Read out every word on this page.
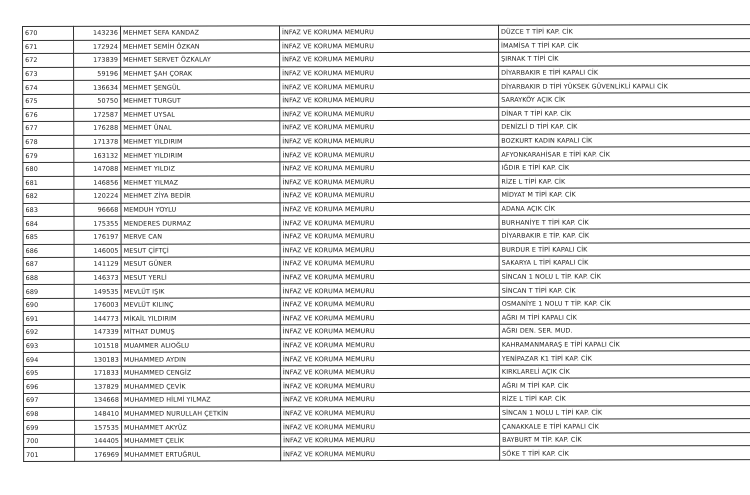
670	143236	MEHMET SEFA KANDAZ	İNFAZ VE KORUMA MEMURU	DÜZCE T TİPİ KAP. CİK
671	172924	MEHMET SEMİH ÖZKAN	İNFAZ VE KORUMA MEMURU	İMAMİSA T TİPİ KAP. CİK
672	173839	MEHMET SERVET ÖZKALAY	İNFAZ VE KORUMA MEMURU	ŞIRNAK T TİPİ CİK
673	59196	MEHMET ŞAH ÇORAK	İNFAZ VE KORUMA MEMURU	DİYARBAKIR E TİPİ KAPALI CİK
674	136634	MEHMET ŞENGÜL	İNFAZ VE KORUMA MEMURU	DİYARBAKIR D TİPİ YÜKSEK GÜVENLİKLİ KAPALI CİK
675	50750	MEHMET TURGUT	İNFAZ VE KORUMA MEMURU	SARAYKÖY AÇIK CİK
676	172587	MEHMET UYSAL	İNFAZ VE KORUMA MEMURU	DİNAR T TİPİ KAP. CİK
677	176288	MEHMET ÜNAL	İNFAZ VE KORUMA MEMURU	DENİZLİ D TİPİ KAP. CİK
678	171378	MEHMET YILDIRIM	İNFAZ VE KORUMA MEMURU	BOZKURT KADIN KAPALI CİK
679	163132	MEHMET YILDIRIM	İNFAZ VE KORUMA MEMURU	AFYONKARAHİSAR E TİPİ KAP. CİK
680	147088	MEHMET YILDIZ	İNFAZ VE KORUMA MEMURU	IĞDIR E TİPİ KAP. CİK
681	146856	MEHMET YILMAZ	İNFAZ VE KORUMA MEMURU	RİZE L TİPİ KAP. CİK
682	120224	MEHMET ZİYA BEDİR	İNFAZ VE KORUMA MEMURU	MİDYAT M TİPİ KAP. CİK
683	96668	MEMDUH YOYLU	İNFAZ VE KORUMA MEMURU	ADANA AÇIK CİK
684	175355	MENDERES DURMAZ	İNFAZ VE KORUMA MEMURU	BURHANİYE T TİPİ KAP. CİK
685	176197	MERVE CAN	İNFAZ VE KORUMA MEMURU	DİYARBAKIR E TİP. KAP. CİK
686	146005	MESUT ÇİFTÇİ	İNFAZ VE KORUMA MEMURU	BURDUR E TİPİ KAPALI CİK
687	141129	MESUT GÜNER	İNFAZ VE KORUMA MEMURU	SAKARYA L TİPİ KAPALI CİK
688	146373	MESUT YERLİ	İNFAZ VE KORUMA MEMURU	SİNCAN 1 NOLU L TİP. KAP. CİK
689	149535	MEVLÜT IŞIK	İNFAZ VE KORUMA MEMURU	SİNCAN T TİPİ KAP. CİK
690	176003	MEVLÜT KILINÇ	İNFAZ VE KORUMA MEMURU	OSMANİYE 1 NOLU T TİP. KAP. CİK
691	144773	MİKAİL YILDIRIM	İNFAZ VE KORUMA MEMURU	AĞRI M TİPİ KAPALI CİK
692	147339	MİTHAT DUMUŞ	İNFAZ VE KORUMA MEMURU	AĞRI DEN. SER. MUD.
693	101518	MUAMMER ALIOĞLU	İNFAZ VE KORUMA MEMURU	KAHRAMANMARAŞ E TİPİ KAPALI CİK
694	130183	MUHAMMED AYDIN	İNFAZ VE KORUMA MEMURU	YENİPAZAR K1 TİPİ KAP. CİK
695	171833	MUHAMMED CENGİZ	İNFAZ VE KORUMA MEMURU	KIRKLARELİ AÇIK CİK
696	137829	MUHAMMED ÇEVİK	İNFAZ VE KORUMA MEMURU	AĞRI M TİPİ KAP. CİK
697	134668	MUHAMMED HİLMİ YILMAZ	İNFAZ VE KORUMA MEMURU	RİZE L TİPİ KAP. CİK
698	148410	MUHAMMED NURULLAH ÇETKİN	İNFAZ VE KORUMA MEMURU	SİNCAN 1 NOLU L TİPİ KAP. CİK
699	157535	MUHAMMET AKYÜZ	İNFAZ VE KORUMA MEMURU	ÇANAKKALE E TİPİ KAPALI CİK
700	144405	MUHAMMET ÇELİK	İNFAZ VE KORUMA MEMURU	BAYBURT M TİP. KAP. CİK
701	176969	MUHAMMET ERTUĞRUL	İNFAZ VE KORUMA MEMURU	SÖKE T TİPİ KAP. CİK
